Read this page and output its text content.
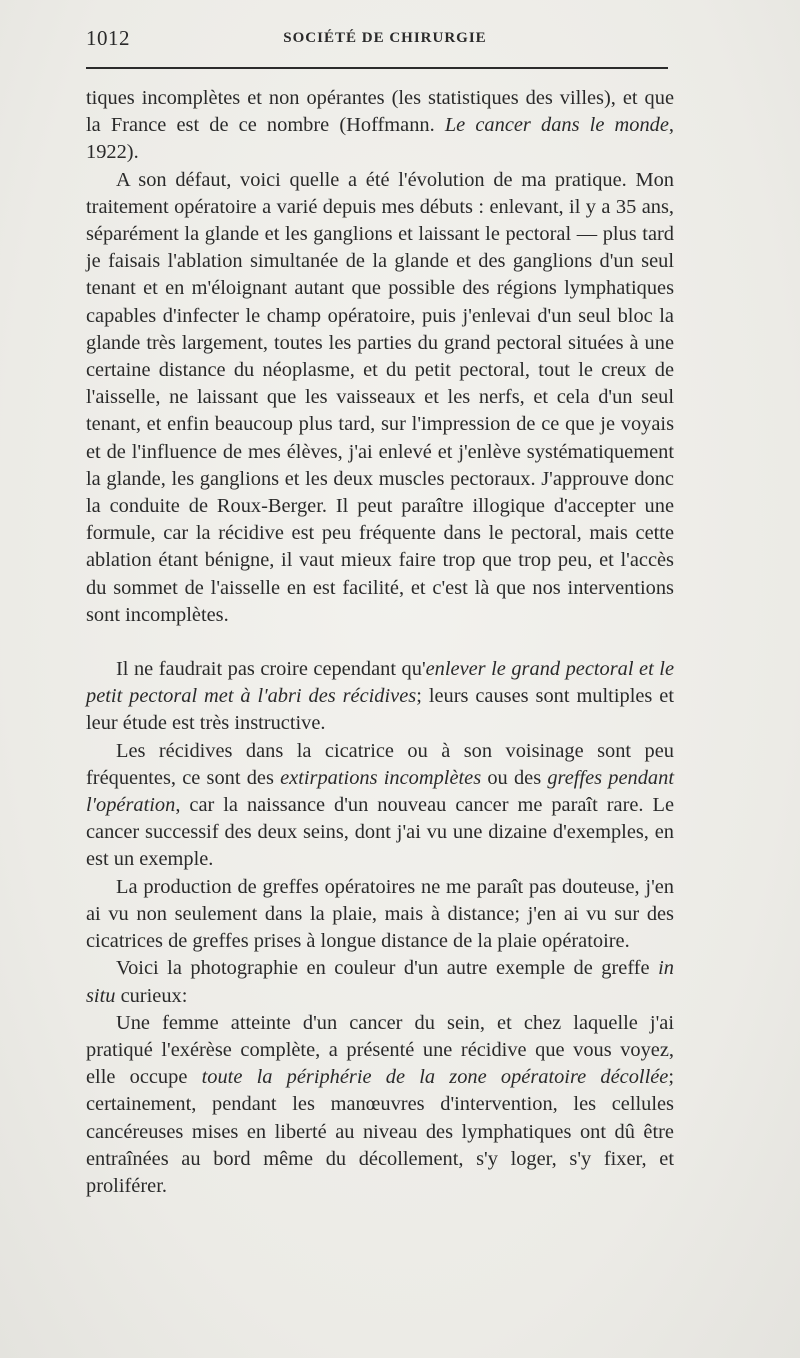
1012	SOCIÉTÉ DE CHIRURGIE

tiques incomplètes et non opérantes (les statistiques des villes), et que la France est de ce nombre (Hoffmann. Le cancer dans le monde, 1922).

A son défaut, voici quelle a été l'évolution de ma pratique. Mon traitement opératoire a varié depuis mes débuts : enlevant, il y a 35 ans, séparément la glande et les ganglions et laissant le pectoral — plus tard je faisais l'ablation simultanée de la glande et des ganglions d'un seul tenant et en m'éloignant autant que possible des régions lymphatiques capables d'infecter le champ opératoire, puis j'enlevai d'un seul bloc la glande très largement, toutes les parties du grand pectoral situées à une certaine distance du néoplasme, et du petit pectoral, tout le creux de l'aisselle, ne laissant que les vaisseaux et les nerfs, et cela d'un seul tenant, et enfin beaucoup plus tard, sur l'impression de ce que je voyais et de l'influence de mes élèves, j'ai enlevé et j'enlève systématiquement la glande, les ganglions et les deux muscles pectoraux. J'approuve donc la conduite de Roux-Berger. Il peut paraître illogique d'accepter une formule, car la récidive est peu fréquente dans le pectoral, mais cette ablation étant bénigne, il vaut mieux faire trop que trop peu, et l'accès du sommet de l'aisselle en est facilité, et c'est là que nos interventions sont incomplètes.

Il ne faudrait pas croire cependant qu'enlever le grand pectoral et le petit pectoral met à l'abri des récidives; leurs causes sont multiples et leur étude est très instructive.

Les récidives dans la cicatrice ou à son voisinage sont peu fréquentes, ce sont des extirpations incomplètes ou des greffes pendant l'opération, car la naissance d'un nouveau cancer me paraît rare. Le cancer successif des deux seins, dont j'ai vu une dizaine d'exemples, en est un exemple.

La production de greffes opératoires ne me paraît pas douteuse, j'en ai vu non seulement dans la plaie, mais à distance; j'en ai vu sur des cicatrices de greffes prises à longue distance de la plaie opératoire.

Voici la photographie en couleur d'un autre exemple de greffe in situ curieux:

Une femme atteinte d'un cancer du sein, et chez laquelle j'ai pratiqué l'exérèse complète, a présenté une récidive que vous voyez, elle occupe toute la périphérie de la zone opératoire décollée; certainement, pendant les manœuvres d'intervention, les cellules cancéreuses mises en liberté au niveau des lymphatiques ont dû être entraînées au bord même du décollement, s'y loger, s'y fixer, et proliférer.
